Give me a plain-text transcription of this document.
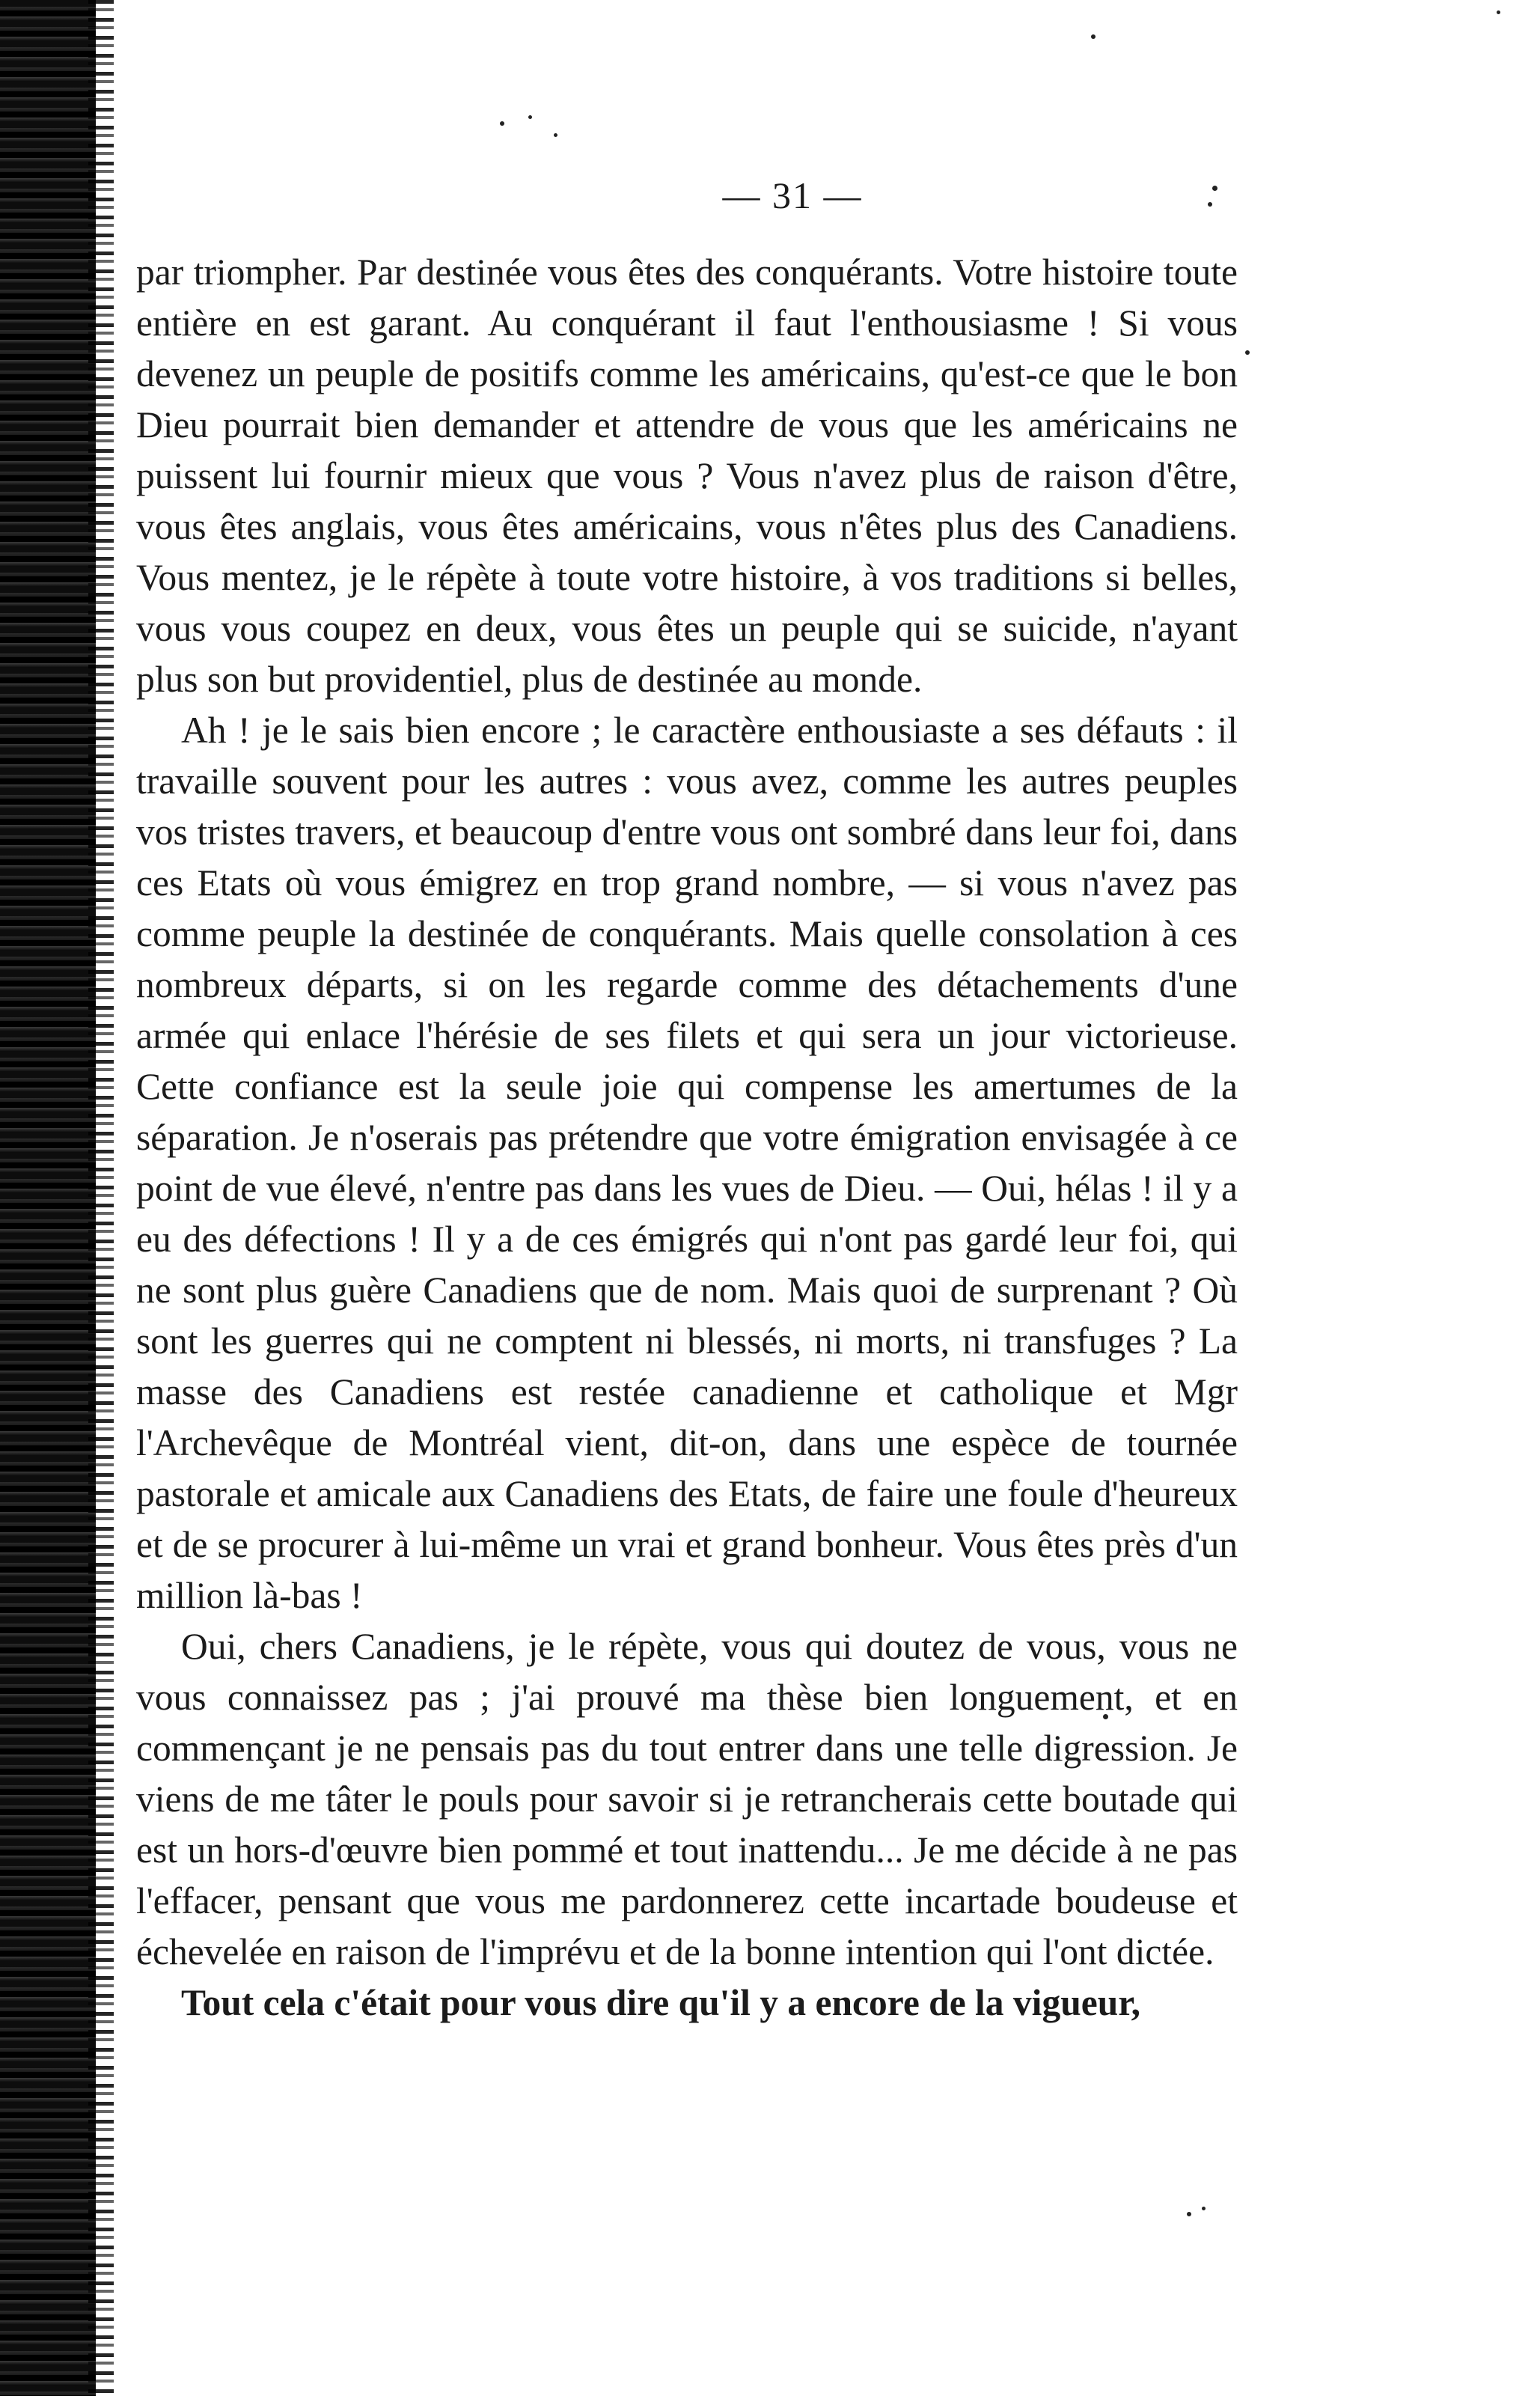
— 31 —

par triompher. Par destinée vous êtes des conquérants. Votre histoire toute entière en est garant. Au conquérant il faut l'enthousiasme ! Si vous devenez un peuple de positifs comme les américains, qu'est-ce que le bon Dieu pourrait bien demander et attendre de vous que les américains ne puissent lui fournir mieux que vous ? Vous n'avez plus de raison d'être, vous êtes anglais, vous êtes américains, vous n'êtes plus des Canadiens. Vous mentez, je le répète à toute votre histoire, à vos traditions si belles, vous vous coupez en deux, vous êtes un peuple qui se suicide, n'ayant plus son but providentiel, plus de destinée au monde.

Ah ! je le sais bien encore ; le caractère enthousiaste a ses défauts : il travaille souvent pour les autres : vous avez, comme les autres peuples vos tristes travers, et beaucoup d'entre vous ont sombré dans leur foi, dans ces Etats où vous émigrez en trop grand nombre, — si vous n'avez pas comme peuple la destinée de conquérants. Mais quelle consolation à ces nombreux départs, si on les regarde comme des détachements d'une armée qui enlace l'hérésie de ses filets et qui sera un jour victorieuse. Cette confiance est la seule joie qui compense les amertumes de la séparation. Je n'oserais pas prétendre que votre émigration envisagée à ce point de vue élevé, n'entre pas dans les vues de Dieu. — Oui, hélas ! il y a eu des défections ! Il y a de ces émigrés qui n'ont pas gardé leur foi, qui ne sont plus guère Canadiens que de nom. Mais quoi de surprenant ? Où sont les guerres qui ne comptent ni blessés, ni morts, ni transfuges ? La masse des Canadiens est restée canadienne et catholique et Mgr l'Archevêque de Montréal vient, dit-on, dans une espèce de tournée pastorale et amicale aux Canadiens des Etats, de faire une foule d'heureux et de se procurer à lui-même un vrai et grand bonheur. Vous êtes près d'un million là-bas !

Oui, chers Canadiens, je le répète, vous qui doutez de vous, vous ne vous connaissez pas ; j'ai prouvé ma thèse bien longuement, et en commençant je ne pensais pas du tout entrer dans une telle digression. Je viens de me tâter le pouls pour savoir si je retrancherais cette boutade qui est un hors-d'œuvre bien pommé et tout inattendu... Je me décide à ne pas l'effacer, pensant que vous me pardonnerez cette incartade boudeuse et échevelée en raison de l'imprévu et de la bonne intention qui l'ont dictée.

Tout cela c'était pour vous dire qu'il y a encore de la vigueur,
